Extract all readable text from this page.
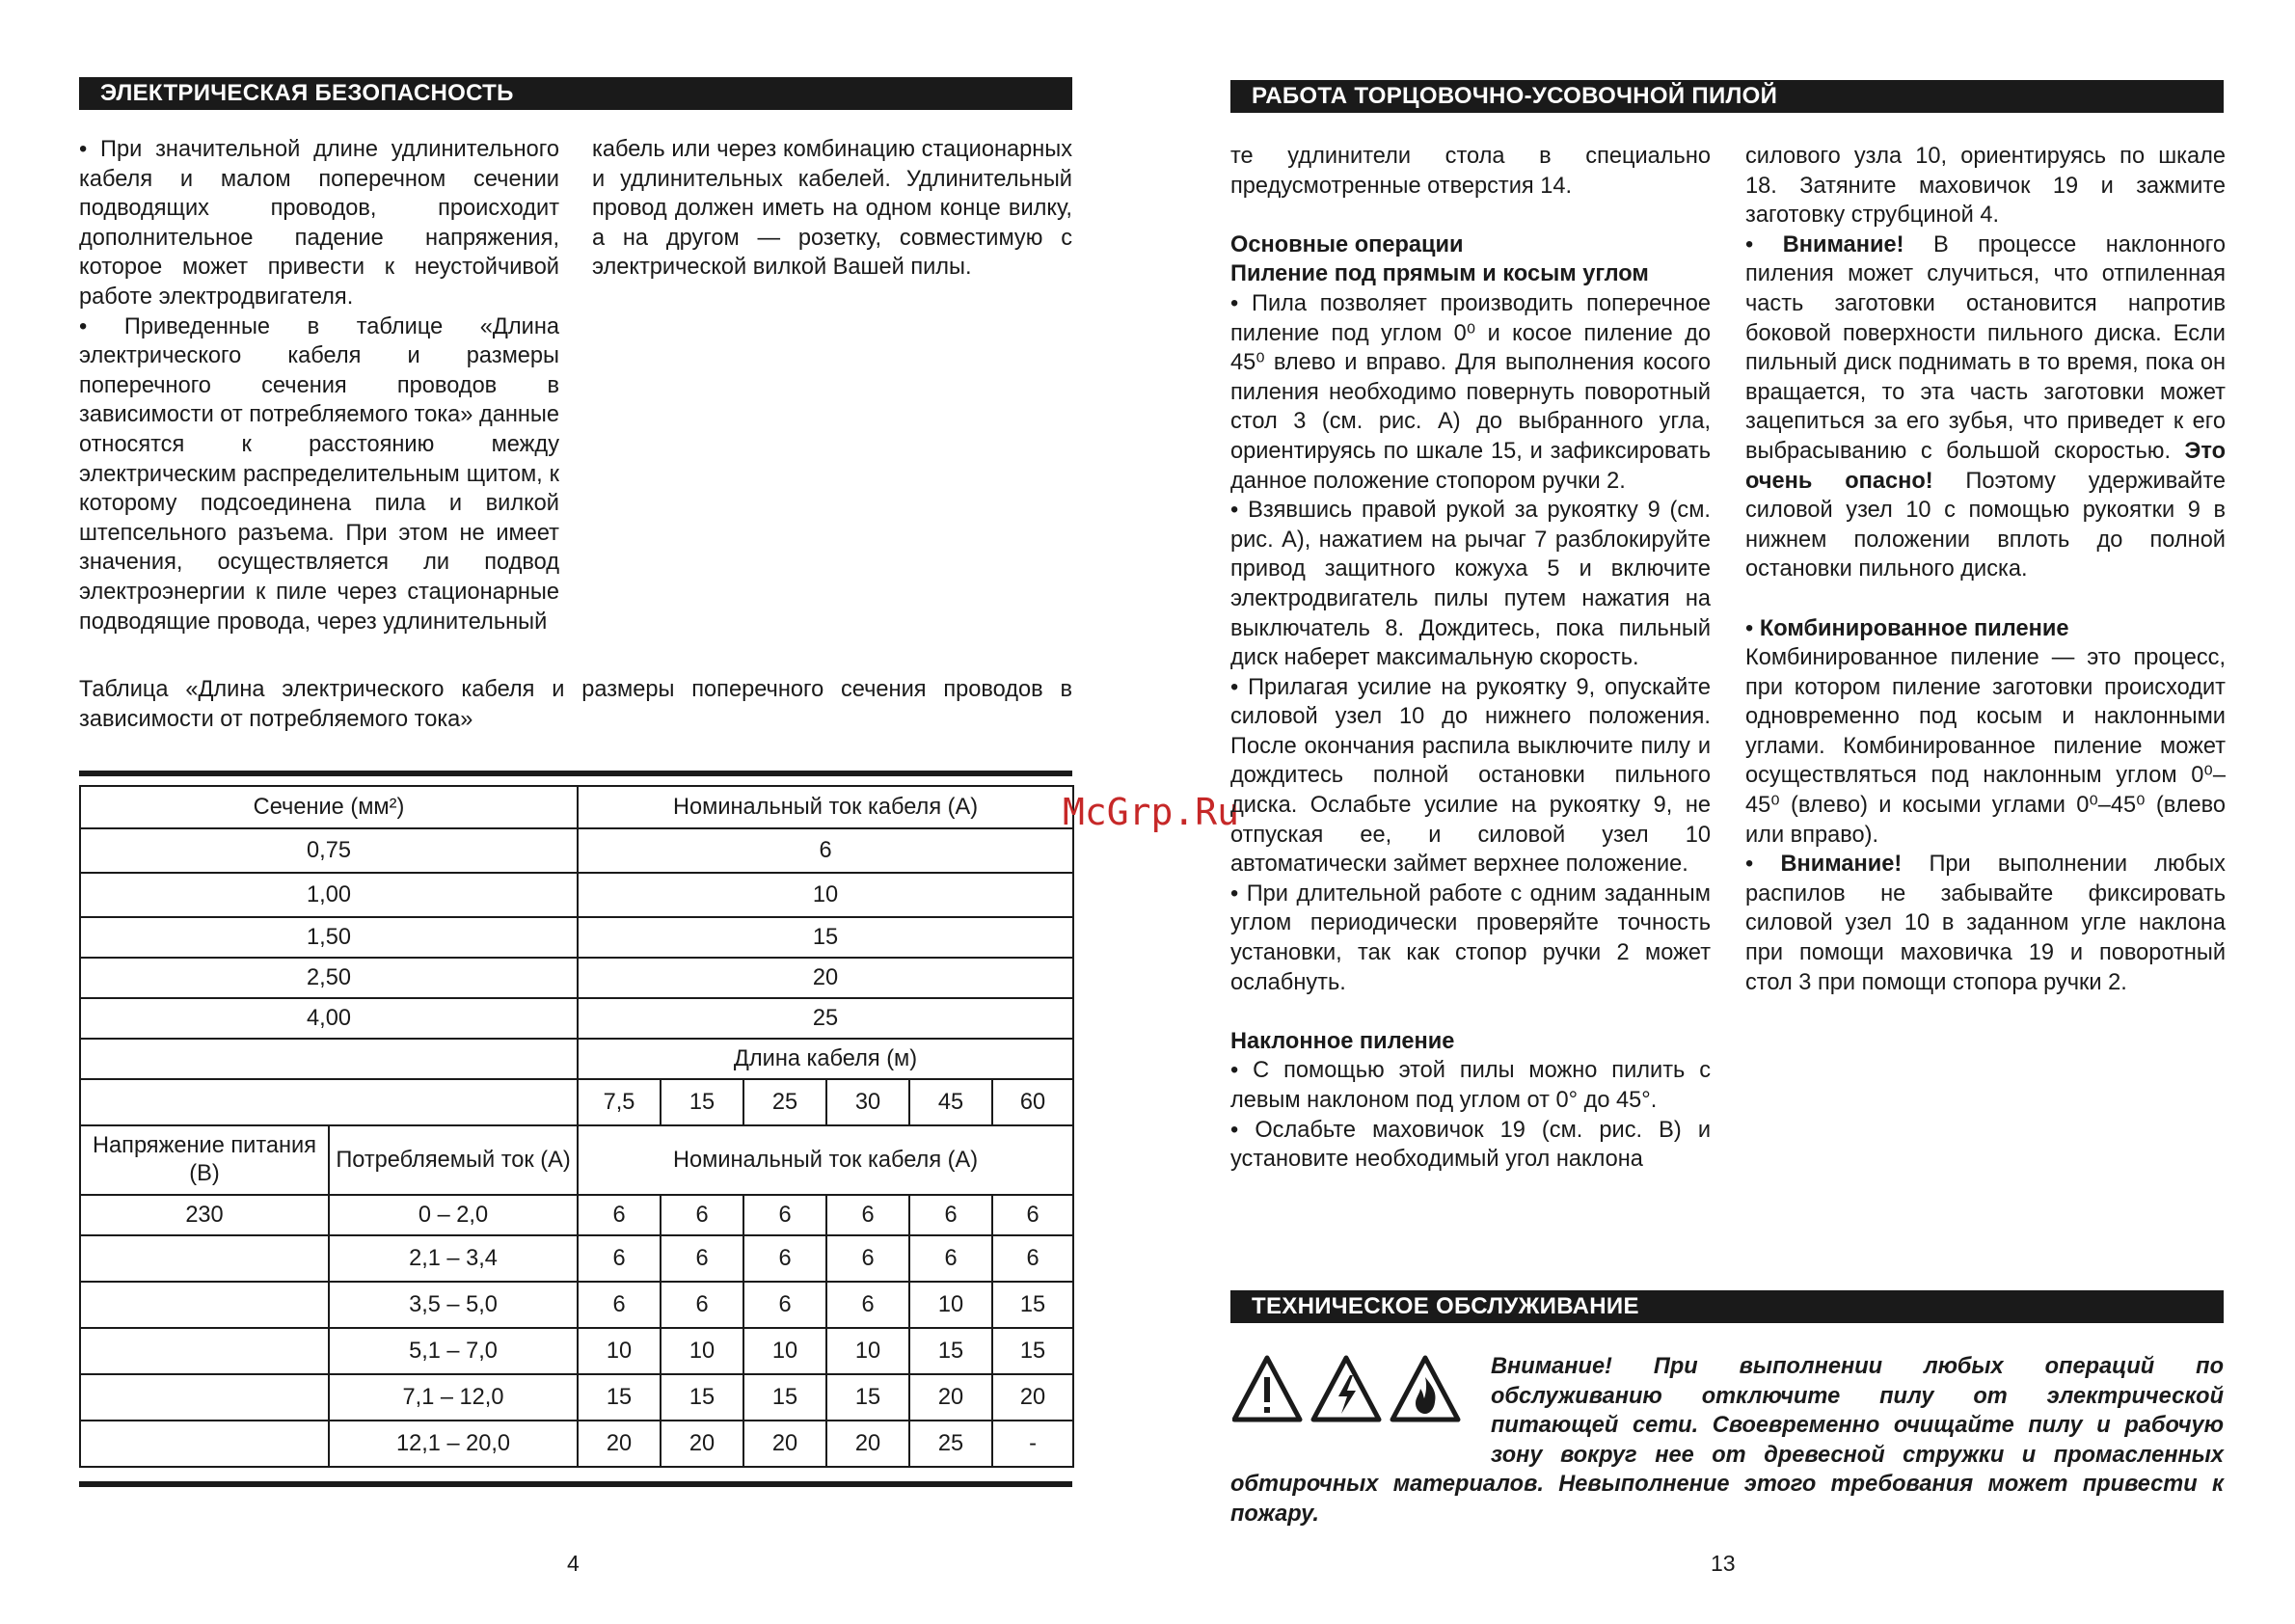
ЭЛЕКТРИЧЕСКАЯ БЕЗОПАСНОСТЬ

• При значительной длине удлинительного кабеля и малом поперечном сечении подводящих проводов, происходит дополнительное падение напряжения, которое может привести к неустойчивой работе электродвигателя.

• Приведенные в таблице «Длина электрического кабеля и размеры поперечного сечения проводов в зависимости от потребляемого тока» данные относятся к расстоянию между электрическим распределительным щитом, к которому подсоединена пила и вилкой штепсельного разъема. При этом не имеет значения, осуществляется ли подвод электроэнергии к пиле через стационарные подводящие провода, через удлинительный

кабель или через комбинацию стационарных и удлинительных кабелей. Удлинительный провод должен иметь на одном конце вилку, а на другом — розетку, совместимую с электрической вилкой Вашей пилы.

Таблица «Длина электрического кабеля и размеры поперечного сечения проводов в зависимости от потребляемого тока»

Сечение (мм²)		Номинальный ток кабеля (А)					
0,75		6					
1,00		10					
1,50		15					
2,50		20					
4,00		25					
		Длина кабеля (м)					
		7,5	15	25	30	45	60
Напряжение питания (В)	Потребляемый ток (А)	Номинальный ток кабеля (А)					
230	0 – 2,0	6	6	6	6	6	6
	2,1 – 3,4	6	6	6	6	6	6
	3,5 – 5,0	6	6	6	6	10	15
	5,1 – 7,0	10	10	10	10	15	15
	7,1 – 12,0	15	15	15	15	20	20
	12,1 – 20,0	20	20	20	20	25	-
4
McGrp.Ru
РАБОТА ТОРЦОВОЧНО-УСОВОЧНОЙ ПИЛОЙ

те удлинители стола в специально предусмотренные отверстия 14.

Основные операции

Пиление под прямым и косым углом

• Пила позволяет производить поперечное пиление под углом 0⁰ и косое пиление до 45⁰ влево и вправо. Для выполнения косого пиления необходимо повернуть поворотный стол 3 (см. рис. А) до выбранного угла, ориентируясь по шкале 15, и зафиксировать данное положение стопором ручки 2.

• Взявшись правой рукой за рукоятку 9 (см. рис. А), нажатием на рычаг 7 разблокируйте привод защитного кожуха 5 и включите электродвигатель пилы путем нажатия на выключатель 8. Дождитесь, пока пильный диск наберет максимальную скорость.

• Прилагая усилие на рукоятку 9, опускайте силовой узел 10 до нижнего положения. После окончания распила выключите пилу и дождитесь полной остановки пильного диска. Ослабьте усилие на рукоятку 9, не отпуская ее, и силовой узел 10 автоматически займет верхнее положение.

• При длительной работе с одним заданным углом периодически проверяйте точность установки, так как стопор ручки 2 может ослабнуть.

Наклонное пиление

• С помощью этой пилы можно пилить с левым наклоном под углом от 0° до 45°.

• Ослабьте маховичок 19 (см. рис. В) и установите необходимый угол наклона

силового узла 10, ориентируясь по шкале 18. Затяните маховичок 19 и зажмите заготовку струбциной 4.

• Внимание! В процессе наклонного пиления может случиться, что отпиленная часть заготовки остановится напротив боковой поверхности пильного диска. Если пильный диск поднимать в то время, пока он вращается, то эта часть заготовки может зацепиться за его зубья, что приведет к его выбрасыванию с большой скоростью. Это очень опасно! Поэтому удерживайте силовой узел 10 с помощью рукоятки 9 в нижнем положении вплоть до полной остановки пильного диска.

• Комбинированное пиление

Комбинированное пиление — это процесс, при котором пиление заготовки происходит одновременно под косым и наклонными углами. Комбинированное пиление может осуществляться под наклонным углом 0⁰–45⁰ (влево) и косыми углами 0⁰–45⁰ (влево или вправо).

• Внимание! При выполнении любых распилов не забывайте фиксировать силовой узел 10 в заданном угле наклона при помощи маховичка 19 и поворотный стол 3 при помощи стопора ручки 2.

ТЕХНИЧЕСКОЕ ОБСЛУЖИВАНИЕ
Внимание! При выполнении любых операций по обслуживанию отключите пилу от электрической питающей сети. Своевременно очищайте пилу и рабочую зону вокруг нее от древесной стружки и промасленных обтирочных материалов. Невыполнение этого требования может привести к пожару.
13
